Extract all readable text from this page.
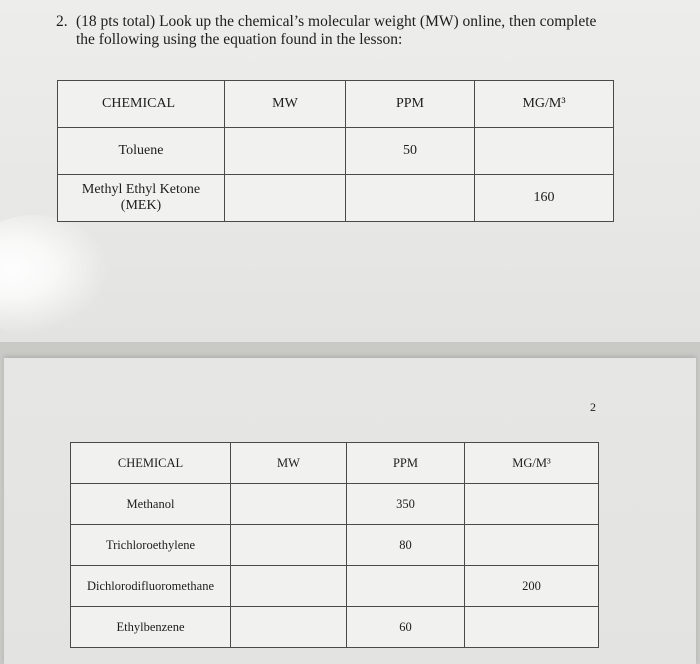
2. (18 pts total) Look up the chemical’s molecular weight (MW) online, then complete the following using the equation found in the lesson:
CHEMICAL	MW	PPM	MG/M³
Toluene		50	
Methyl Ethyl Ketone (MEK)			160
2
CHEMICAL	MW	PPM	MG/M³
Methanol		350	
Trichloroethylene		80	
Dichlorodifluoromethane			200
Ethylbenzene		60	
